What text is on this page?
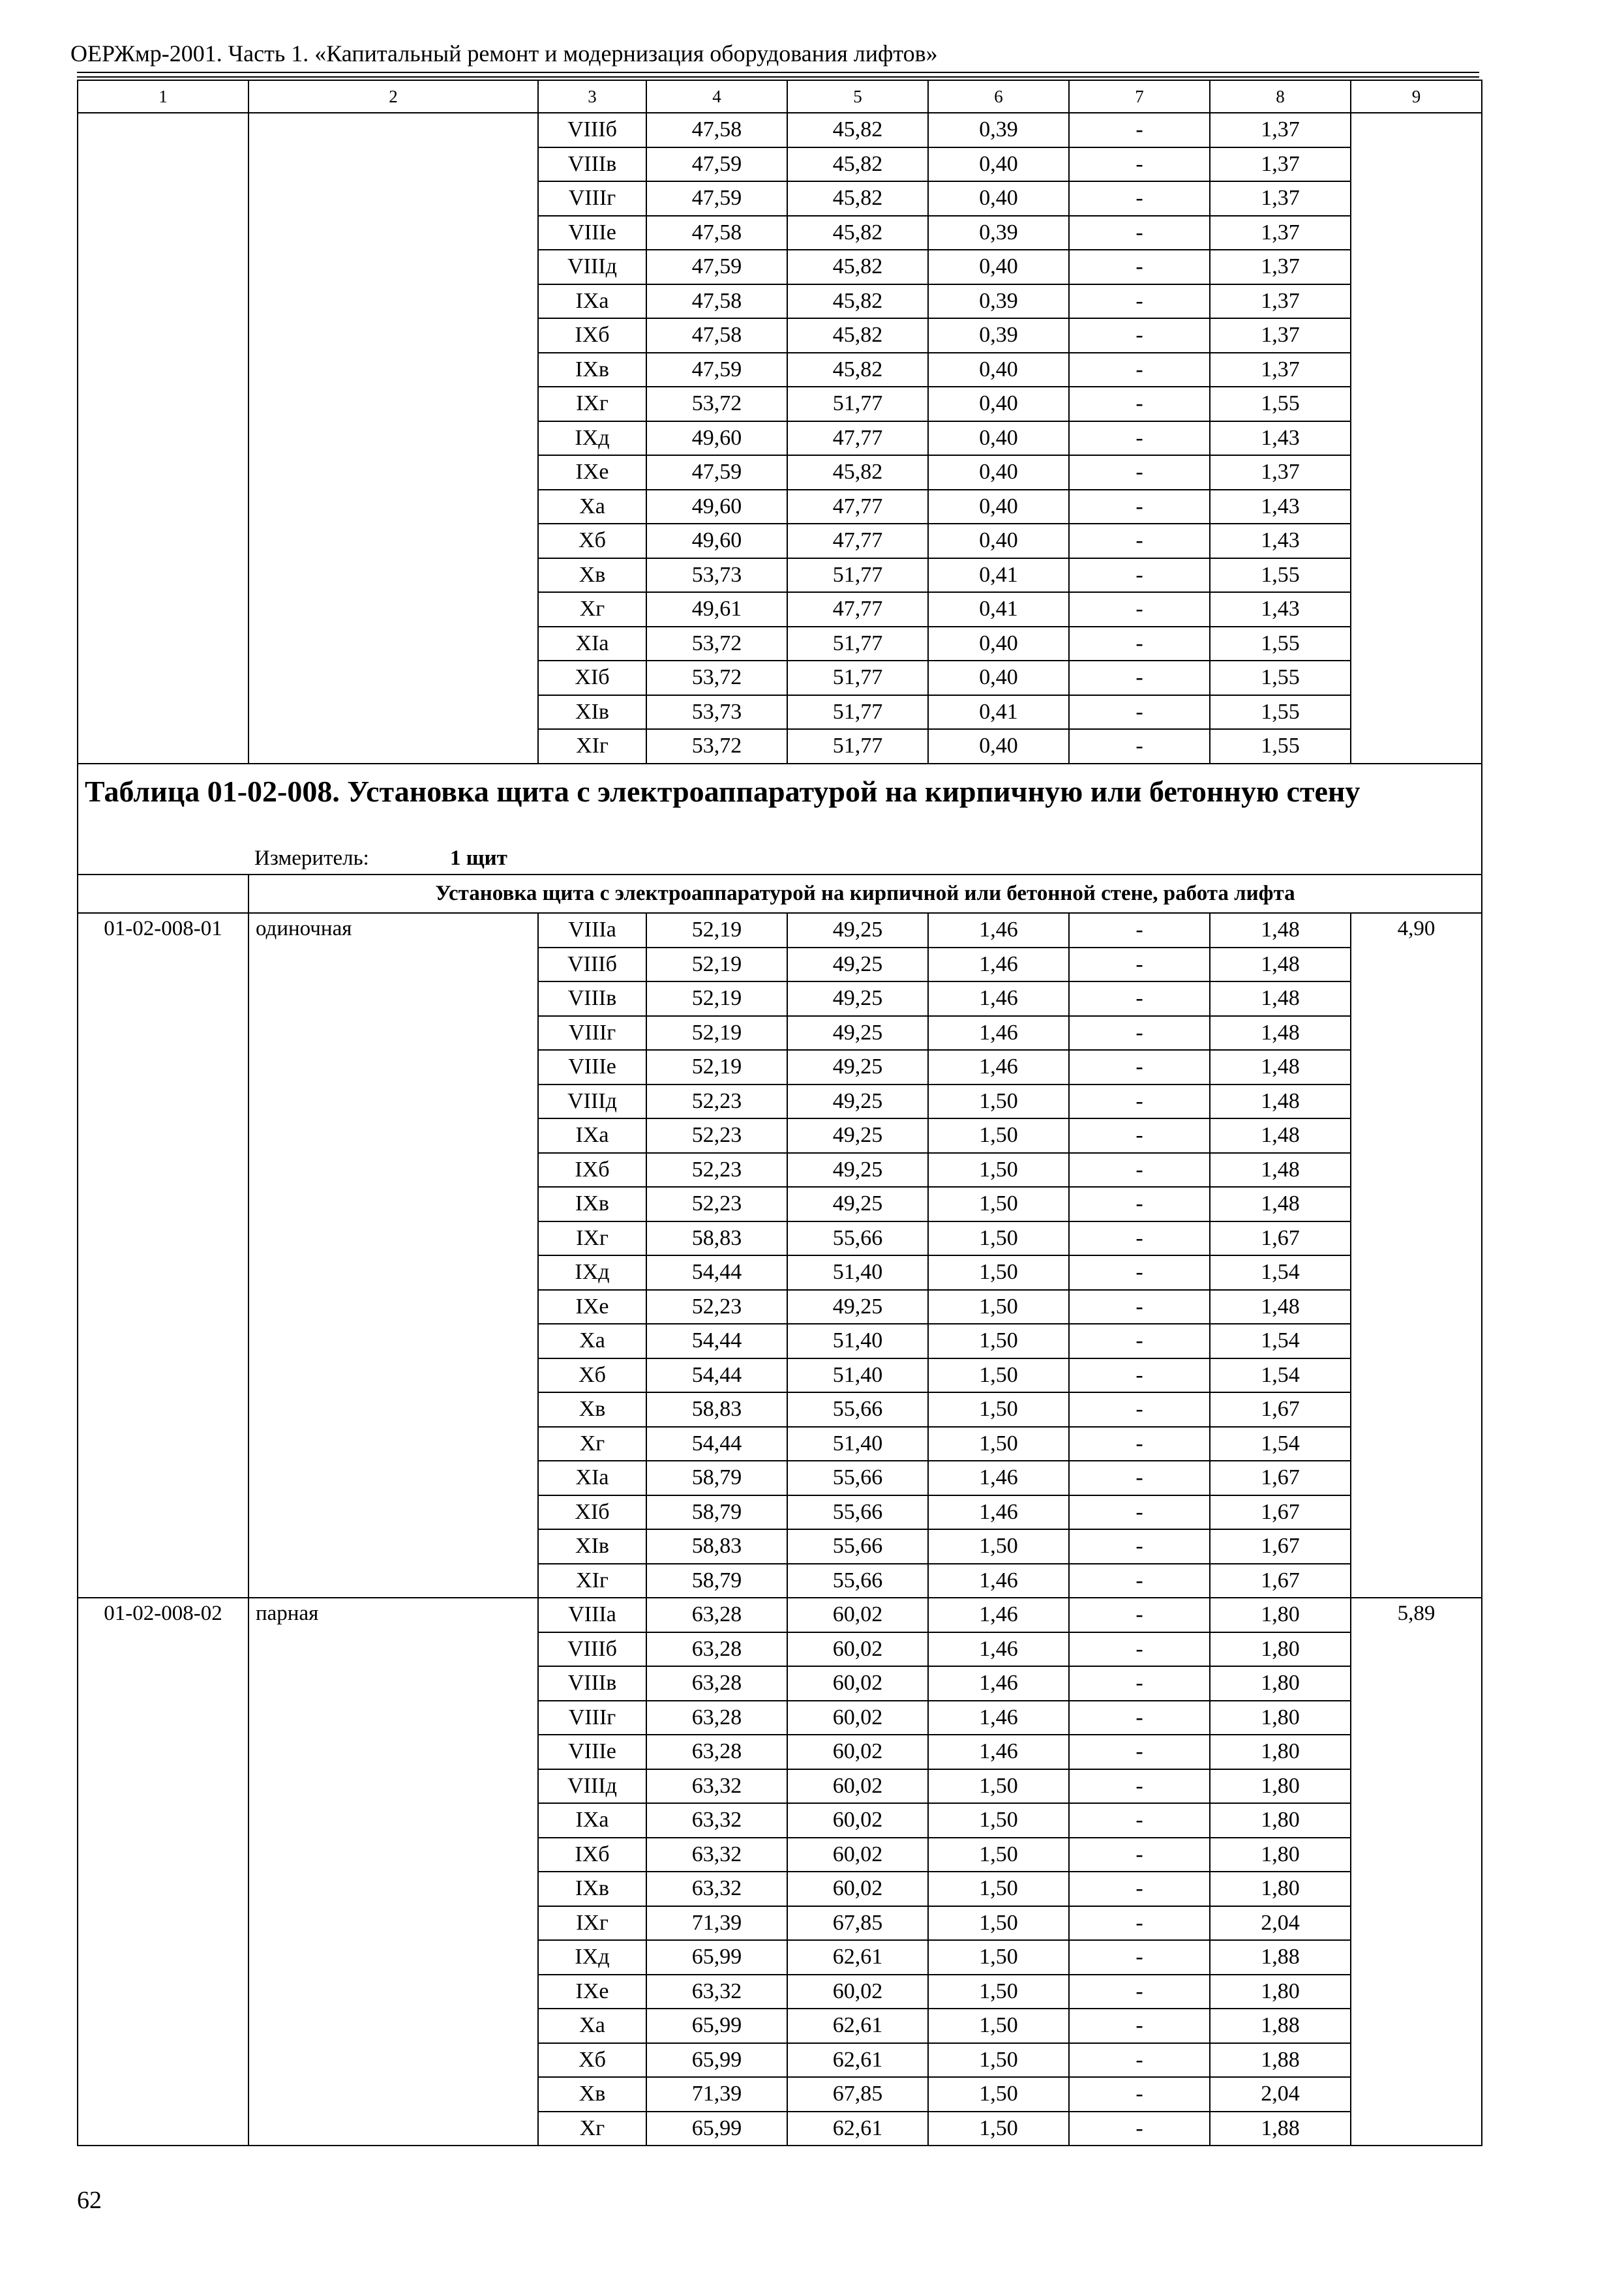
ОЕРЖмр-2001. Часть 1. «Капитальный ремонт и модернизация оборудования лифтов»
1	2	3	4	5	6	7	8	9
		VIIIб	47,58	45,82	0,39	-	1,37	
		VIIIв	47,59	45,82	0,40	-	1,37	
		VIIIг	47,59	45,82	0,40	-	1,37	
		VIIIе	47,58	45,82	0,39	-	1,37	
		VIIIд	47,59	45,82	0,40	-	1,37	
		IXа	47,58	45,82	0,39	-	1,37	
		IXб	47,58	45,82	0,39	-	1,37	
		IXв	47,59	45,82	0,40	-	1,37	
		IXг	53,72	51,77	0,40	-	1,55	
		IXд	49,60	47,77	0,40	-	1,43	
		IXе	47,59	45,82	0,40	-	1,37	
		Xа	49,60	47,77	0,40	-	1,43	
		Xб	49,60	47,77	0,40	-	1,43	
		Xв	53,73	51,77	0,41	-	1,55	
		Xг	49,61	47,77	0,41	-	1,43	
		XIа	53,72	51,77	0,40	-	1,55	
		XIб	53,72	51,77	0,40	-	1,55	
		XIв	53,73	51,77	0,41	-	1,55	
		XIг	53,72	51,77	0,40	-	1,55	

Таблица 01-02-008. Установка щита с электроаппаратурой на кирпичную или бетонную стену
Измеритель: 1 щит								

	Установка щита с электроаппаратурой на кирпичной или бетонной стене, работа лифта							
01-02-008-01	одиночная	VIIIа	52,19	49,25	1,46	-	1,48	4,90
		VIIIб	52,19	49,25	1,46	-	1,48	
		VIIIв	52,19	49,25	1,46	-	1,48	
		VIIIг	52,19	49,25	1,46	-	1,48	
		VIIIе	52,19	49,25	1,46	-	1,48	
		VIIIд	52,23	49,25	1,50	-	1,48	
		IXа	52,23	49,25	1,50	-	1,48	
		IXб	52,23	49,25	1,50	-	1,48	
		IXв	52,23	49,25	1,50	-	1,48	
		IXг	58,83	55,66	1,50	-	1,67	
		IXд	54,44	51,40	1,50	-	1,54	
		IXе	52,23	49,25	1,50	-	1,48	
		Xа	54,44	51,40	1,50	-	1,54	
		Xб	54,44	51,40	1,50	-	1,54	
		Xв	58,83	55,66	1,50	-	1,67	
		Xг	54,44	51,40	1,50	-	1,54	
		XIа	58,79	55,66	1,46	-	1,67	
		XIб	58,79	55,66	1,46	-	1,67	
		XIв	58,83	55,66	1,50	-	1,67	
		XIг	58,79	55,66	1,46	-	1,67	
01-02-008-02	парная	VIIIа	63,28	60,02	1,46	-	1,80	5,89
		VIIIб	63,28	60,02	1,46	-	1,80	
		VIIIв	63,28	60,02	1,46	-	1,80	
		VIIIг	63,28	60,02	1,46	-	1,80	
		VIIIе	63,28	60,02	1,46	-	1,80	
		VIIIд	63,32	60,02	1,50	-	1,80	
		IXа	63,32	60,02	1,50	-	1,80	
		IXб	63,32	60,02	1,50	-	1,80	
		IXв	63,32	60,02	1,50	-	1,80	
		IXг	71,39	67,85	1,50	-	2,04	
		IXд	65,99	62,61	1,50	-	1,88	
		IXе	63,32	60,02	1,50	-	1,80	
		Xа	65,99	62,61	1,50	-	1,88	
		Xб	65,99	62,61	1,50	-	1,88	
		Xв	71,39	67,85	1,50	-	2,04	
		Xг	65,99	62,61	1,50	-	1,88	
62
